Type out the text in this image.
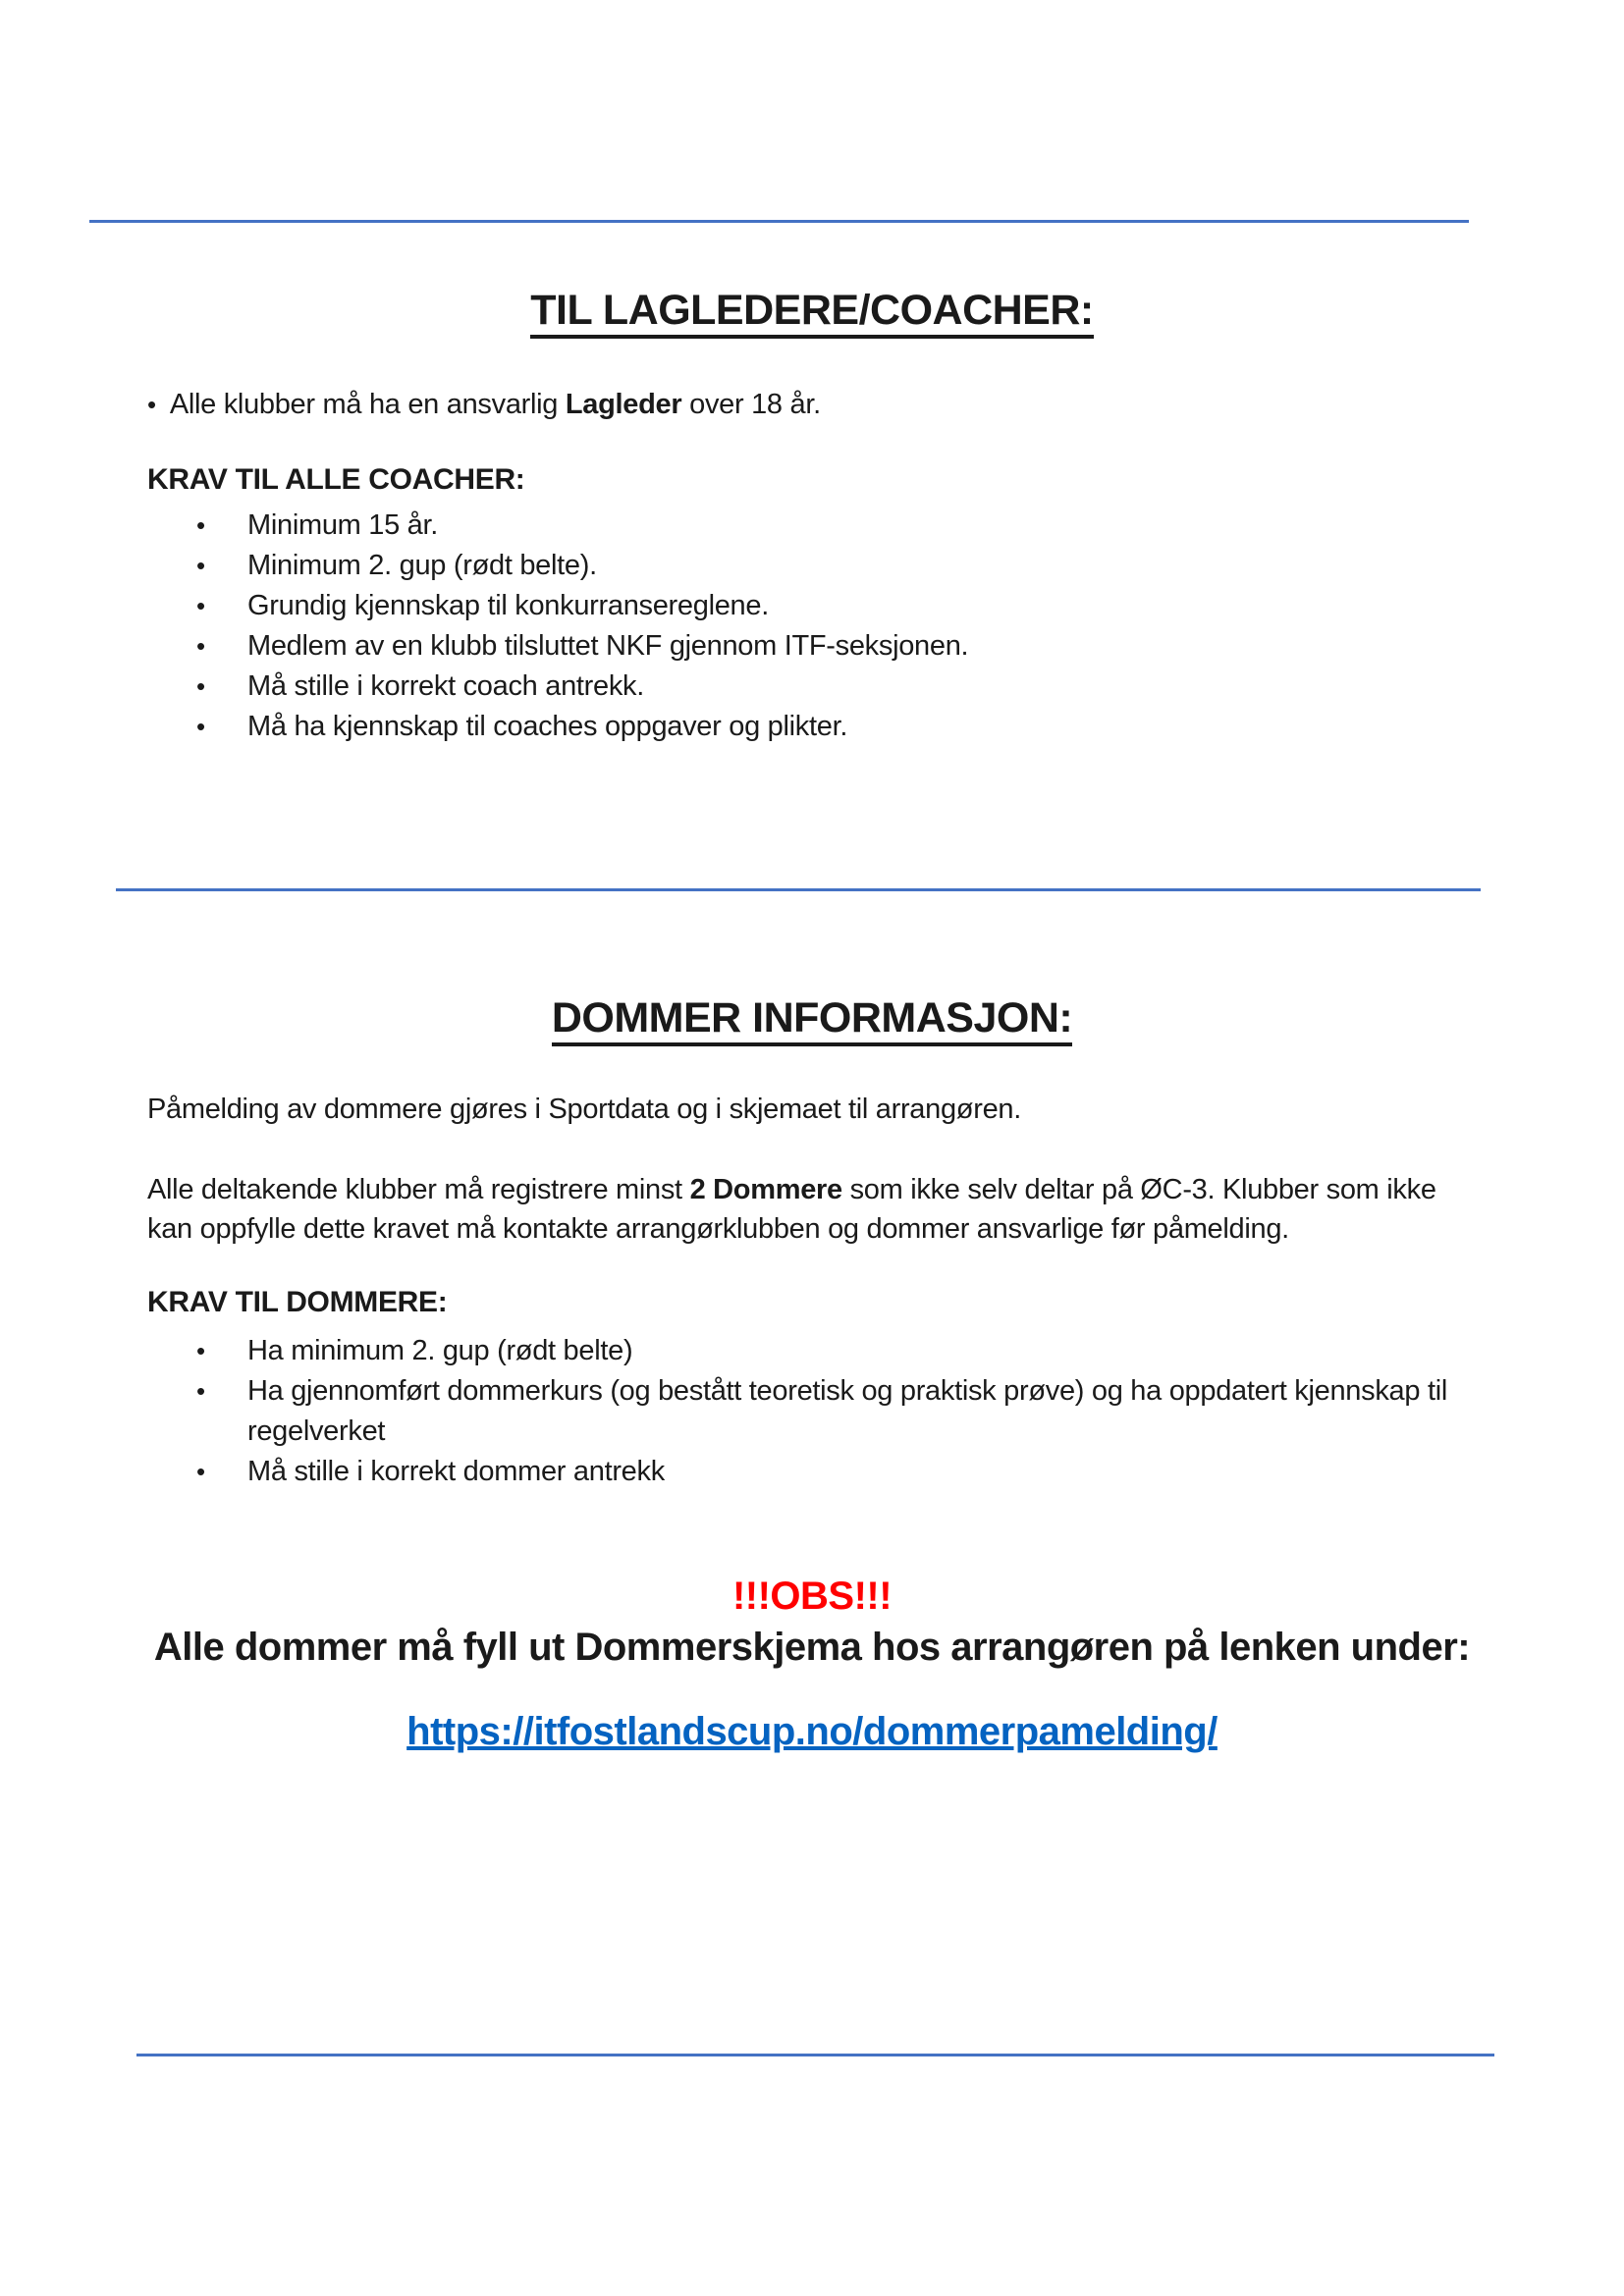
TIL LAGLEDERE/COACHER:
• Alle klubber må ha en ansvarlig Lagleder over 18 år.
KRAV TIL ALLE COACHER:
•	Minimum 15 år.
•	Minimum 2. gup (rødt belte).
•	Grundig kjennskap til konkurransereglene.
•	Medlem av en klubb tilsluttet NKF gjennom ITF-seksjonen.
•	Må stille i korrekt coach antrekk.
•	Må ha kjennskap til coaches oppgaver og plikter.
DOMMER INFORMASJON:
Påmelding av dommere gjøres i Sportdata og i skjemaet til arrangøren.
Alle deltakende klubber må registrere minst 2 Dommere som ikke selv deltar på ØC-3. Klubber som ikke kan oppfylle dette kravet må kontakte arrangørklubben og dommer ansvarlige før påmelding.
KRAV TIL DOMMERE:
•	Ha minimum 2. gup (rødt belte)
•	Ha gjennomført dommerkurs (og bestått teoretisk og praktisk prøve) og ha oppdatert kjennskap til regelverket
•	Må stille i korrekt dommer antrekk
!!!OBS!!!
Alle dommer må fyll ut Dommerskjema hos arrangøren på lenken under:
https://itfostlandscup.no/dommerpamelding/
